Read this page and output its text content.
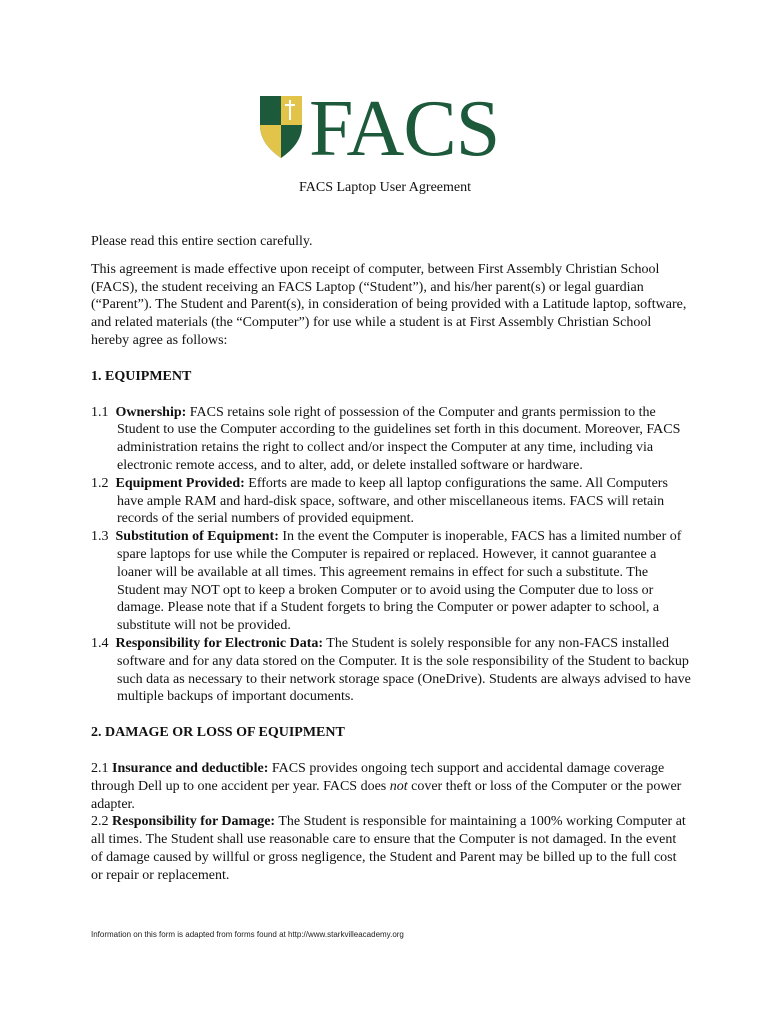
FACS
FACS Laptop User Agreement

Please read this entire section carefully.

This agreement is made effective upon receipt of computer, between First Assembly Christian School (FACS), the student receiving an FACS Laptop (“Student”), and his/her parent(s) or legal guardian (“Parent”). The Student and Parent(s), in consideration of being provided with a Latitude laptop, software, and related materials (the “Computer”) for use while a student is at First Assembly Christian School hereby agree as follows:

1. EQUIPMENT

1.1 Ownership: FACS retains sole right of possession of the Computer and grants permission to the Student to use the Computer according to the guidelines set forth in this document. Moreover, FACS administration retains the right to collect and/or inspect the Computer at any time, including via electronic remote access, and to alter, add, or delete installed software or hardware.

1.2 Equipment Provided: Efforts are made to keep all laptop configurations the same. All Computers have ample RAM and hard-disk space, software, and other miscellaneous items. FACS will retain records of the serial numbers of provided equipment.

1.3 Substitution of Equipment: In the event the Computer is inoperable, FACS has a limited number of spare laptops for use while the Computer is repaired or replaced. However, it cannot guarantee a loaner will be available at all times. This agreement remains in effect for such a substitute. The Student may NOT opt to keep a broken Computer or to avoid using the Computer due to loss or damage. Please note that if a Student forgets to bring the Computer or power adapter to school, a substitute will not be provided.

1.4 Responsibility for Electronic Data: The Student is solely responsible for any non-FACS installed software and for any data stored on the Computer. It is the sole responsibility of the Student to backup such data as necessary to their network storage space (OneDrive). Students are always advised to have multiple backups of important documents.

2. DAMAGE OR LOSS OF EQUIPMENT

2.1 Insurance and deductible: FACS provides ongoing tech support and accidental damage coverage through Dell up to one accident per year. FACS does not cover theft or loss of the Computer or the power adapter.

2.2 Responsibility for Damage: The Student is responsible for maintaining a 100% working Computer at all times. The Student shall use reasonable care to ensure that the Computer is not damaged. In the event of damage caused by willful or gross negligence, the Student and Parent may be billed up to the full cost or repair or replacement.

Information on this form is adapted from forms found at http://www.starkvilleacademy.org
